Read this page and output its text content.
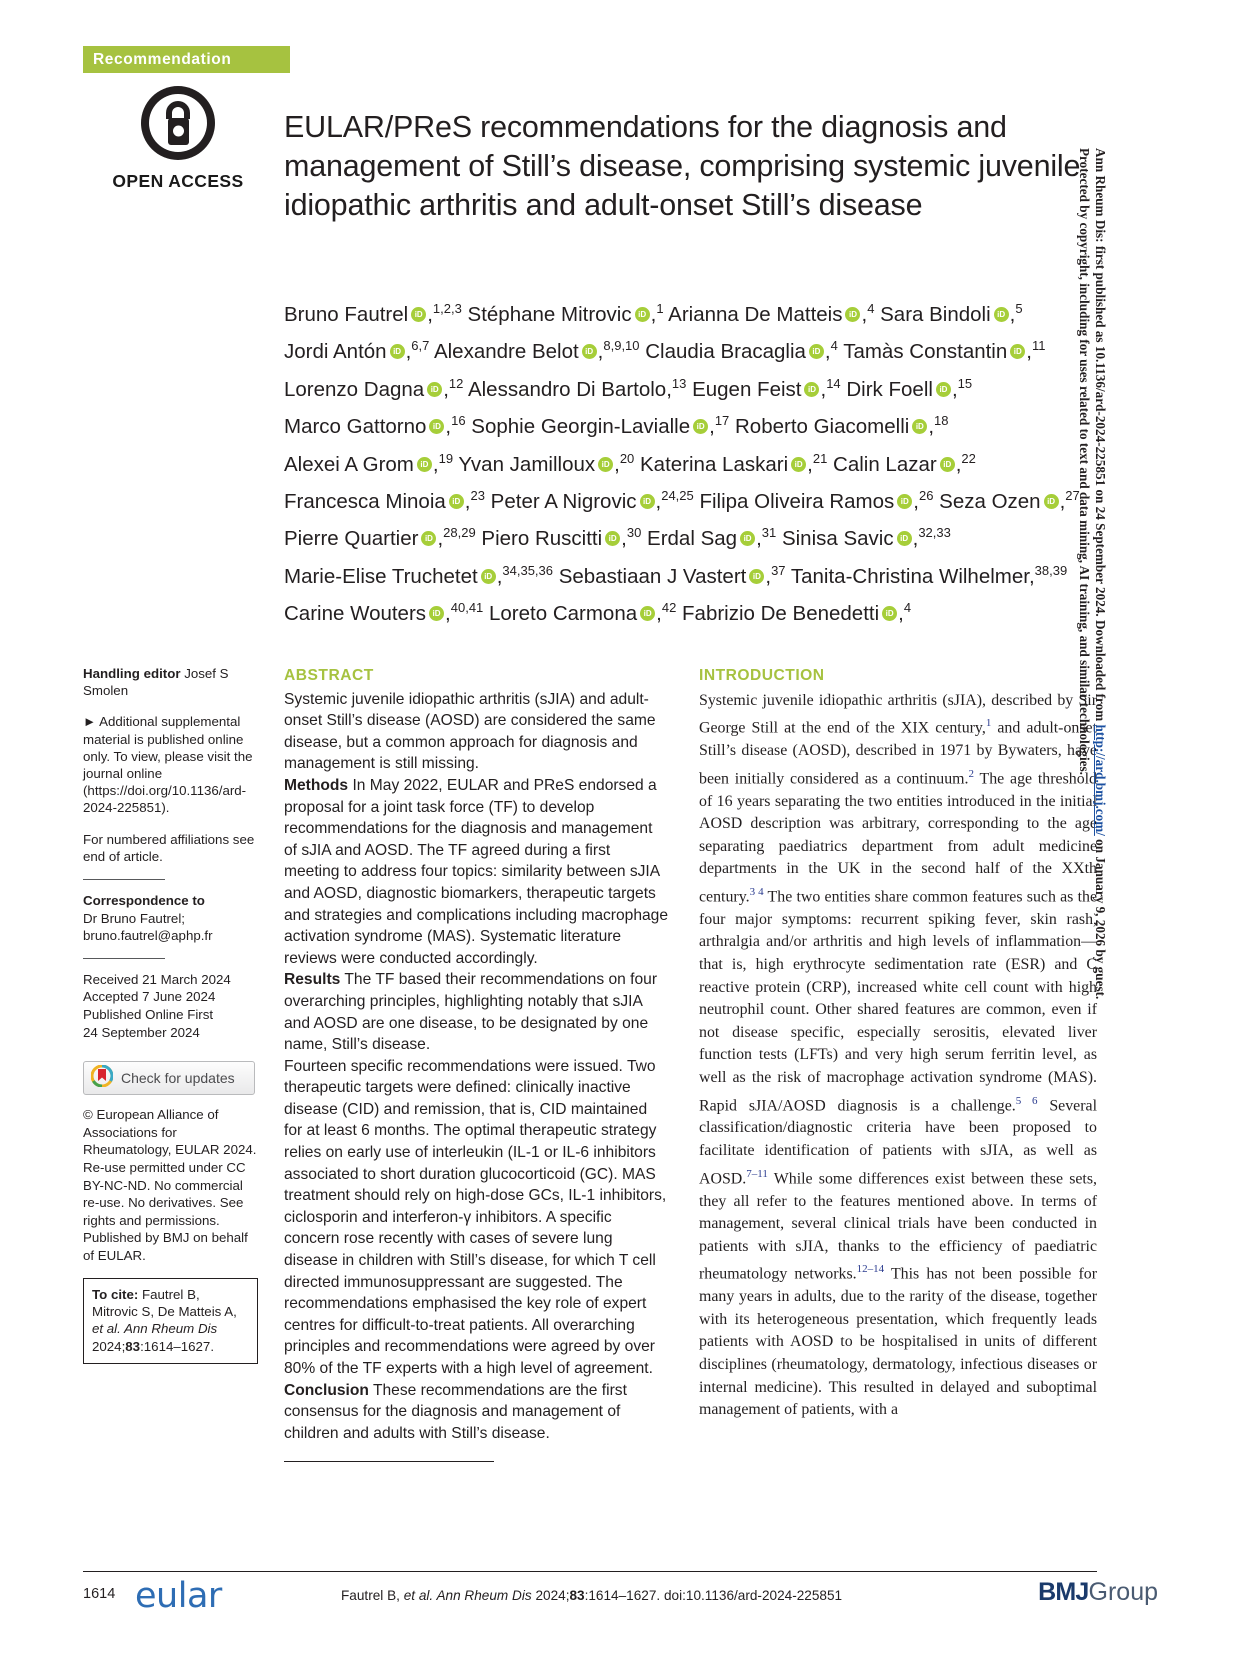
Recommendation
OPEN ACCESS
EULAR/PReS recommendations for the diagnosis and management of Still’s disease, comprising systemic juvenile idiopathic arthritis and adult-onset Still’s disease
Bruno Fautrel iD ,$^{1,2,3}$ Stéphane Mitrovic iD ,$^1$ Arianna De Matteis iD ,$^4$ Sara Bindoli iD ,$^5$ Jordi Antón iD ,$^{6,7}$ Alexandre Belot iD ,$^{8,9,10}$ Claudia Bracaglia iD ,$^4$ Tamàs Constantin iD ,$^{11}$ Lorenzo Dagna iD ,$^{12}$ Alessandro Di Bartolo,$^{13}$ Eugen Feist iD ,$^{14}$ Dirk Foell iD ,$^{15}$ Marco Gattorno iD ,$^{16}$ Sophie Georgin-Lavialle iD ,$^{17}$ Roberto Giacomelli iD ,$^{18}$ Alexei A Grom iD ,$^{19}$ Yvan Jamilloux iD ,$^{20}$ Katerina Laskari iD ,$^{21}$ Calin Lazar iD ,$^{22}$ Francesca Minoia iD ,$^{23}$ Peter A Nigrovic iD ,$^{24,25}$ Filipa Oliveira Ramos iD ,$^{26}$ Seza Ozen iD ,$^{27}$ Pierre Quartier iD ,$^{28,29}$ Piero Ruscitti iD ,$^{30}$ Erdal Sag iD ,$^{31}$ Sinisa Savic iD ,$^{32,33}$ Marie-Elise Truchetet iD ,$^{34,35,36}$ Sebastiaan J Vastert iD ,$^{37}$ Tanita-Christina Wilhelmer,$^{38,39}$ Carine Wouters iD ,$^{40,41}$ Loreto Carmona iD ,$^{42}$ Fabrizio De Benedetti iD ,$^4$

Handling editor Josef S Smolen

► Additional supplemental material is published online only. To view, please visit the journal online (https://doi.org/10.1136/ard-2024-225851).

For numbered affiliations see end of article.

Correspondence to

Dr Bruno Fautrel; bruno.fautrel@aphp.fr

Received 21 March 2024

Accepted 7 June 2024

Published Online First

24 September 2024

Check for updates

© European Alliance of Associations for Rheumatology, EULAR 2024. Re-use permitted under CC BY-NC-ND. No commercial re-use. No derivatives. See rights and permissions. Published by BMJ on behalf of EULAR.

To cite: Fautrel B, Mitrovic S, De Matteis A, et al. Ann Rheum Dis 2024;83:1614–1627.

ABSTRACT

Systemic juvenile idiopathic arthritis (sJIA) and adult-onset Still’s disease (AOSD) are considered the same disease, but a common approach for diagnosis and management is still missing.

Methods In May 2022, EULAR and PReS endorsed a proposal for a joint task force (TF) to develop recommendations for the diagnosis and management of sJIA and AOSD. The TF agreed during a first meeting to address four topics: similarity between sJIA and AOSD, diagnostic biomarkers, therapeutic targets and strategies and complications including macrophage activation syndrome (MAS). Systematic literature reviews were conducted accordingly.

Results The TF based their recommendations on four overarching principles, highlighting notably that sJIA and AOSD are one disease, to be designated by one name, Still’s disease.

Fourteen specific recommendations were issued. Two therapeutic targets were defined: clinically inactive disease (CID) and remission, that is, CID maintained for at least 6 months. The optimal therapeutic strategy relies on early use of interleukin (IL-1 or IL-6 inhibitors associated to short duration glucocorticoid (GC). MAS treatment should rely on high-dose GCs, IL-1 inhibitors, ciclosporin and interferon-γ inhibitors. A specific concern rose recently with cases of severe lung disease in children with Still’s disease, for which T cell directed immunosuppressant are suggested. The recommendations emphasised the key role of expert centres for difficult-to-treat patients. All overarching principles and recommendations were agreed by over 80% of the TF experts with a high level of agreement.

Conclusion These recommendations are the first consensus for the diagnosis and management of children and adults with Still’s disease.

INTRODUCTION

Systemic juvenile idiopathic arthritis (sJIA), described by Sir George Still at the end of the XIX century,$^1$ and adult-onset Still’s disease (AOSD), described in 1971 by Bywaters, have been initially considered as a continuum.$^2$ The age threshold of 16 years separating the two entities introduced in the initial AOSD description was arbitrary, corresponding to the age separating paediatrics department from adult medicine departments in the UK in the second half of the XXth century.$^{3 4}$ The two entities share common features such as the four major symptoms: recurrent spiking fever, skin rash, arthralgia and/or arthritis and high levels of inflammation—that is, high erythrocyte sedimentation rate (ESR) and C reactive protein (CRP), increased white cell count with high neutrophil count. Other shared features are common, even if not disease specific, especially serositis, elevated liver function tests (LFTs) and very high serum ferritin level, as well as the risk of macrophage activation syndrome (MAS). Rapid sJIA/AOSD diagnosis is a challenge.$^{5 6}$ Several classification/diagnostic criteria have been proposed to facilitate identification of patients with sJIA, as well as AOSD.$^{7-11}$ While some differences exist between these sets, they all refer to the features mentioned above. In terms of management, several clinical trials have been conducted in patients with sJIA, thanks to the efficiency of paediatric rheumatology networks.$^{12-14}$ This has not been possible for many years in adults, due to the rarity of the disease, together with its heterogeneous presentation, which frequently leads patients with AOSD to be hospitalised in units of different disciplines (rheumatology, dermatology, infectious diseases or internal medicine). This resulted in delayed and suboptimal management of patients, with a

Ann Rheum Dis: first published as 10.1136/ard-2024-225851 on 24 September 2024. Downloaded from http://ard.bmj.com/ on January 9, 2026 by guest.
Protected by copyright, including for uses related to text and data mining, AI training, and similar technologies.
1614 eular	Fautrel B, et al. Ann Rheum Dis 2024;83:1614–1627. doi:10.1136/ard-2024-225851	BMJGroup
